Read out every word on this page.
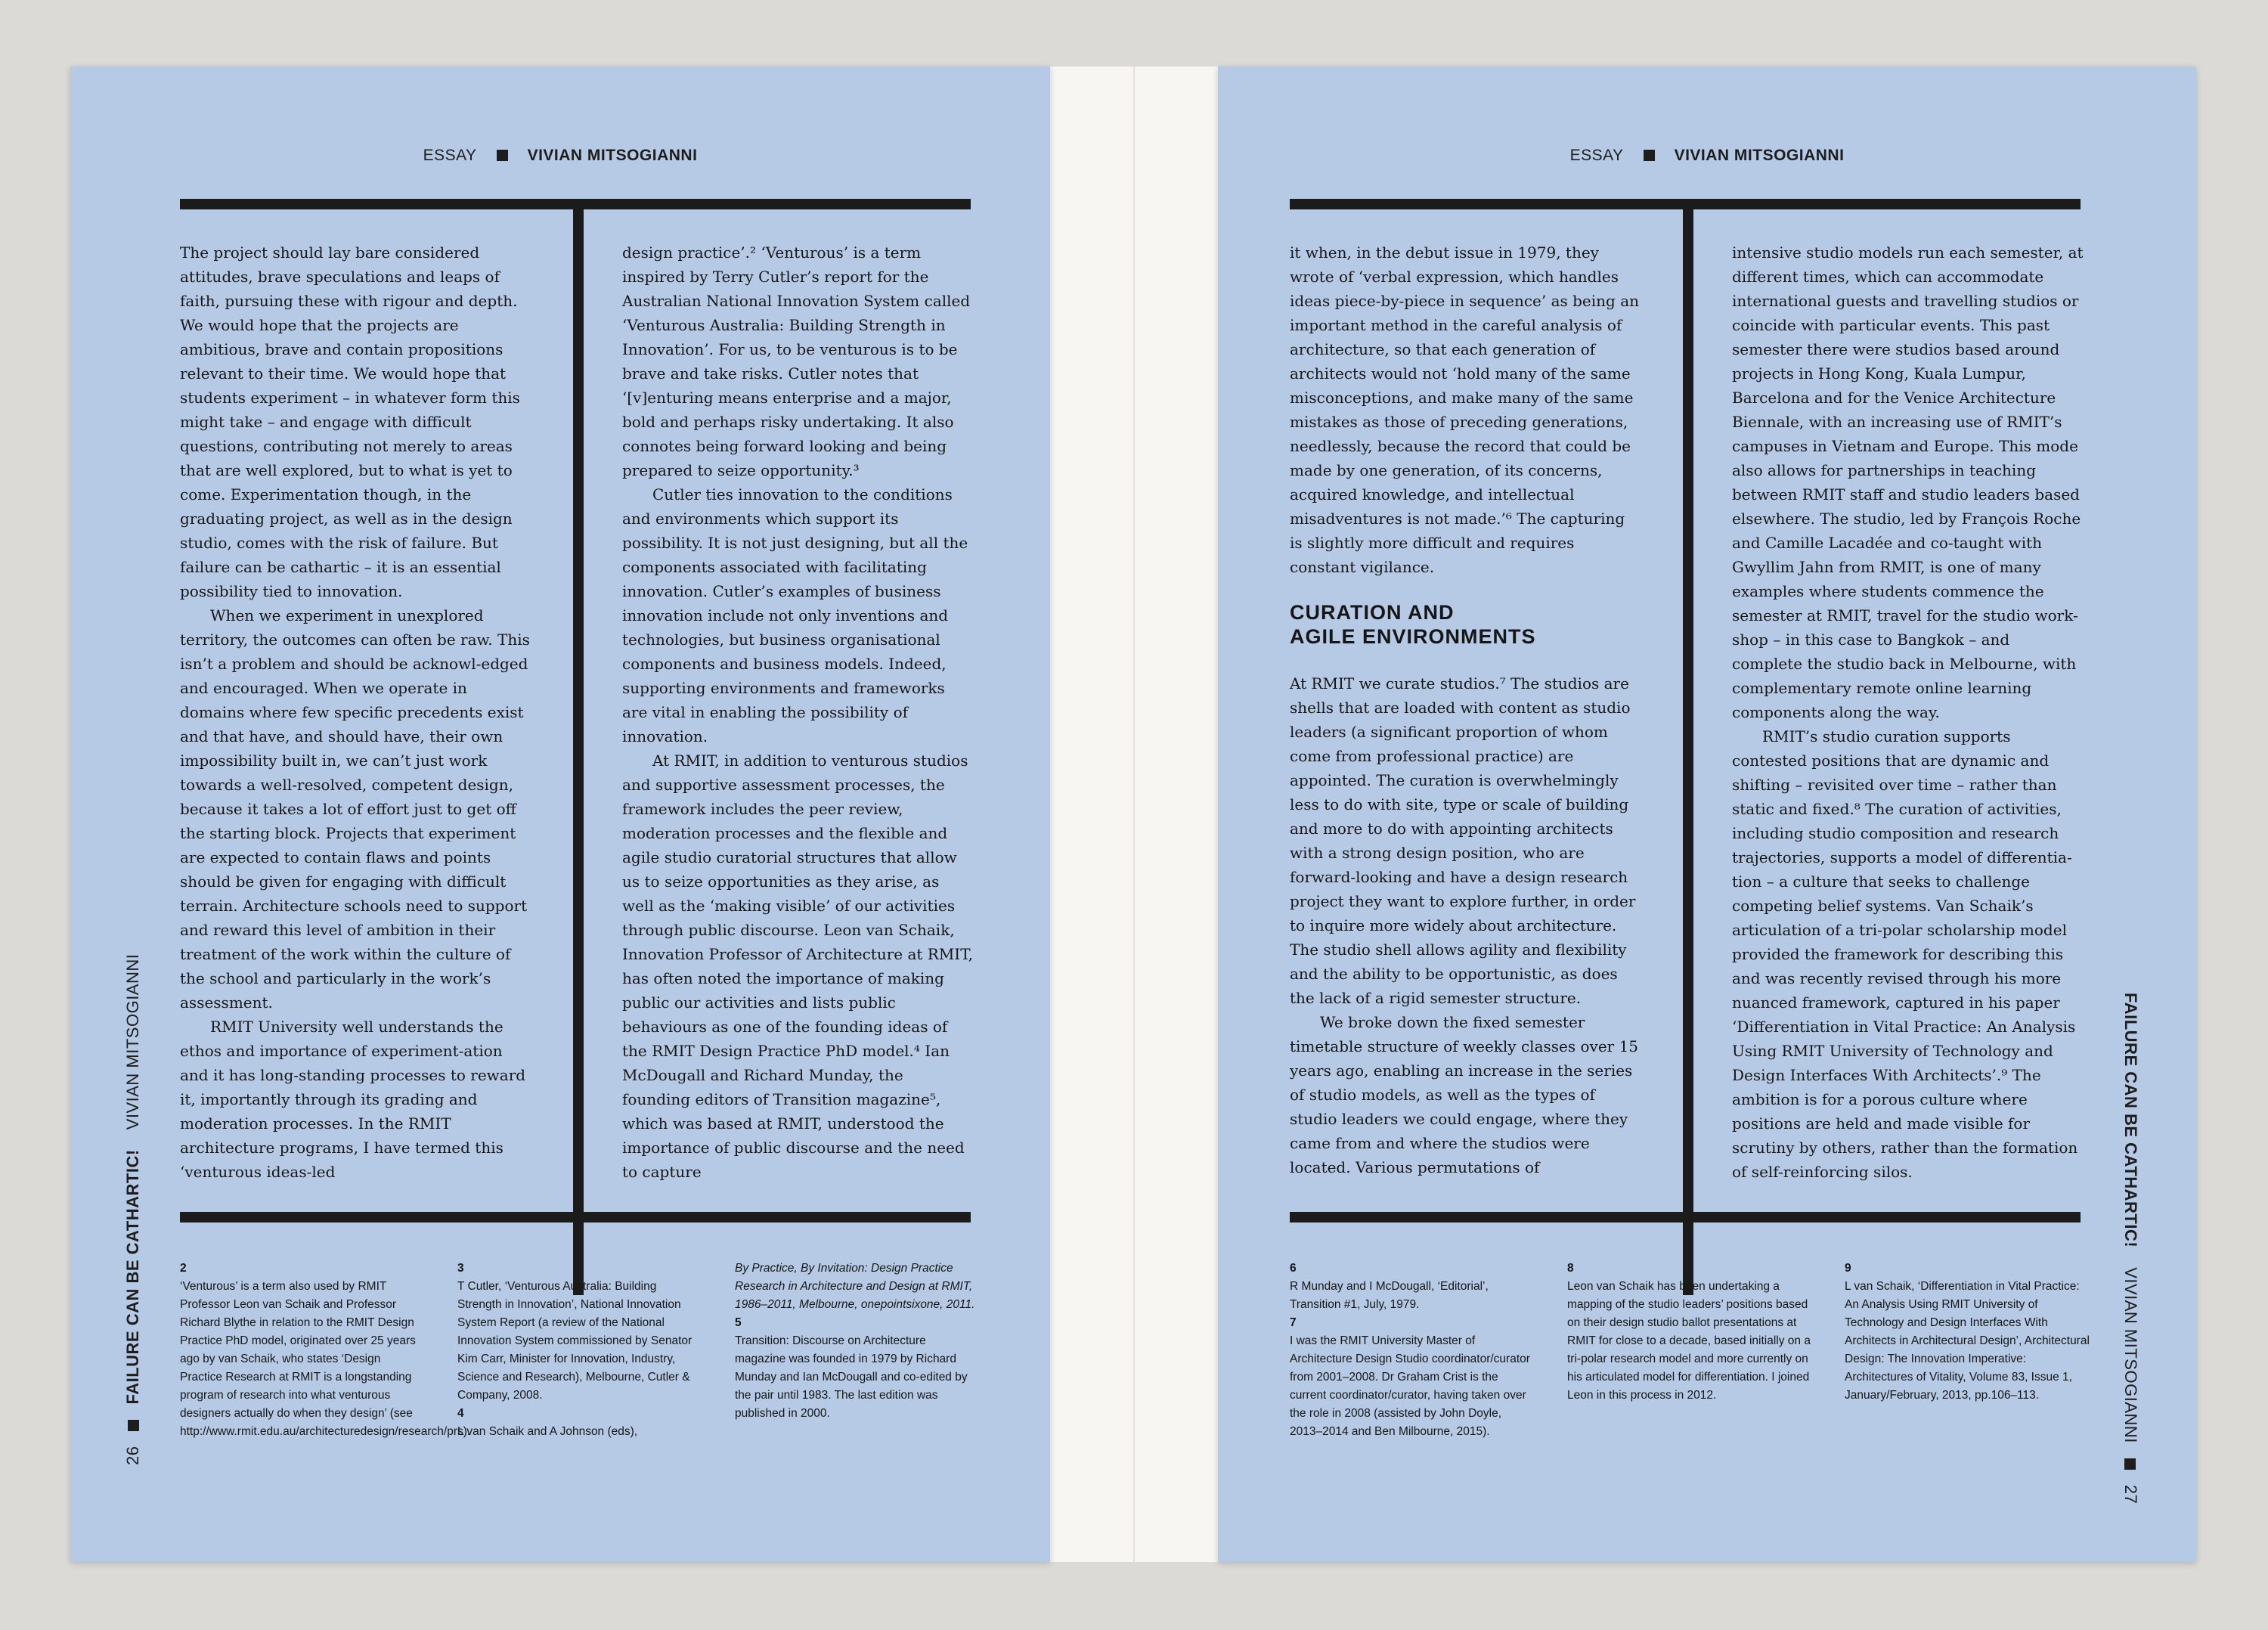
ESSAY	VIVIAN MITSOGIANNI

The project should lay bare considered attitudes, brave speculations and leaps of faith, pursuing these with rigour and depth. We would hope that the projects are ambitious, brave and contain propositions relevant to their time. We would hope that students experiment – in whatever form this might take – and engage with difficult questions, contributing not merely to areas that are well explored, but to what is yet to come. Experimentation though, in the graduating project, as well as in the design studio, comes with the risk of failure. But failure can be cathartic – it is an essential possibility tied to innovation.

When we experiment in unexplored territory, the outcomes can often be raw. This isn’t a problem and should be acknowl-edged and encouraged. When we operate in domains where few specific precedents exist and that have, and should have, their own impossibility built in, we can’t just work towards a well-resolved, competent design, because it takes a lot of effort just to get off the starting block. Projects that experiment are expected to contain flaws and points should be given for engaging with difficult terrain. Architecture schools need to support and reward this level of ambition in their treatment of the work within the culture of the school and particularly in the work’s assessment.

RMIT University well understands the ethos and importance of experiment-ation and it has long-standing processes to reward it, importantly through its grading and moderation processes. In the RMIT architecture programs, I have termed this ‘venturous ideas-led

design practice’.² ‘Venturous’ is a term inspired by Terry Cutler’s report for the Australian National Innovation System called ‘Venturous Australia: Building Strength in Innovation’. For us, to be venturous is to be brave and take risks. Cutler notes that ‘[v]enturing means enterprise and a major, bold and perhaps risky undertaking. It also connotes being forward looking and being prepared to seize opportunity.³

Cutler ties innovation to the conditions and environments which support its possibility. It is not just designing, but all the components associated with facilitating innovation. Cutler’s examples of business innovation include not only inventions and technologies, but business organisational components and business models. Indeed, supporting environments and frameworks are vital in enabling the possibility of innovation.

At RMIT, in addition to venturous studios and supportive assessment processes, the framework includes the peer review, moderation processes and the flexible and agile studio curatorial structures that allow us to seize opportunities as they arise, as well as the ‘making visible’ of our activities through public discourse. Leon van Schaik, Innovation Professor of Architecture at RMIT, has often noted the importance of making public our activities and lists public behaviours as one of the founding ideas of the RMIT Design Practice PhD model.⁴ Ian McDougall and Richard Munday, the founding editors of Transition magazine⁵, which was based at RMIT, understood the importance of public discourse and the need to capture

2

‘Venturous’ is a term also used by RMIT Professor Leon van Schaik and Professor Richard Blythe in relation to the RMIT Design Practice PhD model, originated over 25 years ago by van Schaik, who states ‘Design Practice Research at RMIT is a longstanding program of research into what venturous designers actually do when they design’ (see http://www.rmit.edu.au/architecturedesign/research/prs).

3

T Cutler, ‘Venturous Australia: Building Strength in Innovation’, National Innovation System Report (a review of the National Innovation System commissioned by Senator Kim Carr, Minister for Innovation, Industry, Science and Research), Melbourne, Cutler & Company, 2008.

4

L van Schaik and A Johnson (eds),

By Practice, By Invitation: Design Practice Research in Architecture and Design at RMIT, 1986–2011, Melbourne, onepointsixone, 2011.

5

Transition: Discourse on Architecture magazine was founded in 1979 by Richard Munday and Ian McDougall and co-edited by the pair until 1983. The last edition was published in 2000.

26FAILURE CAN BE CATHARTIC!VIVIAN MITSOGIANNI
ESSAY	VIVIAN MITSOGIANNI

it when, in the debut issue in 1979, they wrote of ‘verbal expression, which handles ideas piece-by-piece in sequence’ as being an important method in the careful analysis of architecture, so that each generation of architects would not ‘hold many of the same misconceptions, and make many of the same mistakes as those of preceding generations, needlessly, because the record that could be made by one generation, of its concerns, acquired knowledge, and intellectual misadventures is not made.’⁶ The capturing is slightly more difficult and requires constant vigilance.

CURATION AND
AGILE ENVIRONMENTS

At RMIT we curate studios.⁷ The studios are shells that are loaded with content as studio leaders (a significant proportion of whom come from professional practice) are appointed. The curation is overwhelmingly less to do with site, type or scale of building and more to do with appointing architects with a strong design position, who are forward-looking and have a design research project they want to explore further, in order to inquire more widely about architecture. The studio shell allows agility and flexibility and the ability to be opportunistic, as does the lack of a rigid semester structure.

We broke down the fixed semester timetable structure of weekly classes over 15 years ago, enabling an increase in the series of studio models, as well as the types of studio leaders we could engage, where they came from and where the studios were located. Various permutations of

intensive studio models run each semester, at different times, which can accommodate international guests and travelling studios or coincide with particular events. This past semester there were studios based around projects in Hong Kong, Kuala Lumpur, Barcelona and for the Venice Architecture Biennale, with an increasing use of RMIT’s campuses in Vietnam and Europe. This mode also allows for partnerships in teaching between RMIT staff and studio leaders based elsewhere. The studio, led by François Roche and Camille Lacadée and co-taught with Gwyllim Jahn from RMIT, is one of many examples where students commence the semester at RMIT, travel for the studio work-shop – in this case to Bangkok – and complete the studio back in Melbourne, with complementary remote online learning components along the way.

RMIT’s studio curation supports contested positions that are dynamic and shifting – revisited over time – rather than static and fixed.⁸ The curation of activities, including studio composition and research trajectories, supports a model of differentia-tion – a culture that seeks to challenge competing belief systems. Van Schaik’s articulation of a tri-polar scholarship model provided the framework for describing this and was recently revised through his more nuanced framework, captured in his paper ‘Differentiation in Vital Practice: An Analysis Using RMIT University of Technology and Design Interfaces With Architects’.⁹ The ambition is for a porous culture where positions are held and made visible for scrutiny by others, rather than the formation of self-reinforcing silos.

6

R Munday and I McDougall, ‘Editorial’, Transition #1, July, 1979.

7

I was the RMIT University Master of Architecture Design Studio coordinator/curator from 2001–2008. Dr Graham Crist is the current coordinator/curator, having taken over the role in 2008 (assisted by John Doyle, 2013–2014 and Ben Milbourne, 2015).

8

Leon van Schaik has been undertaking a mapping of the studio leaders’ positions based on their design studio ballot presentations at RMIT for close to a decade, based initially on a tri-polar research model and more currently on his articulated model for differentiation. I joined Leon in this process in 2012.

9

L van Schaik, ‘Differentiation in Vital Practice: An Analysis Using RMIT University of Technology and Design Interfaces With Architects in Architectural Design’, Architectural Design: The Innovation Imperative: Architectures of Vitality, Volume 83, Issue 1, January/February, 2013, pp.106–113.

FAILURE CAN BE CATHARTIC!VIVIAN MITSOGIANNI27
